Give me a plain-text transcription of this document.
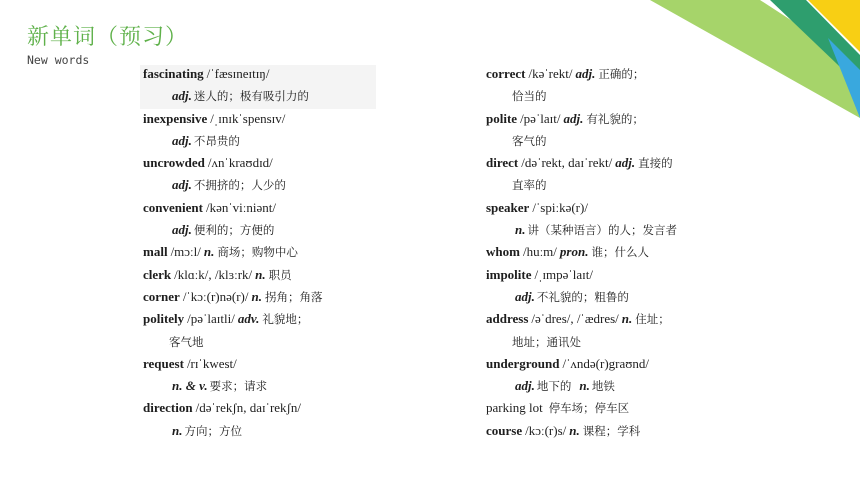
新单词（预习）
New words
fascinating /ˈfæsɪneɪtɪŋ/
adj. 迷人的；极有吸引力的
inexpensive /ˌɪnɪkˈspensɪv/
adj. 不昂贵的
uncrowded /ʌnˈkraʊdɪd/
adj. 不拥挤的；人少的
convenient /kənˈviːniənt/
adj. 便利的；方便的
mall /mɔːl/ n. 商场；购物中心
clerk /klɑːk/, /klɜːrk/ n. 职员
corner /ˈkɔː(r)nə(r)/ n. 拐角；角落
politely /pəˈlaɪtli/ adv. 礼貌地；
客气地
request /rɪˈkwest/
n. & v. 要求；请求
direction /dəˈrekʃn, daɪˈrekʃn/
n. 方向；方位
correct /kəˈrekt/ adj. 正确的；
恰当的
polite /pəˈlaɪt/ adj. 有礼貌的；
客气的
direct /dəˈrekt, daɪˈrekt/ adj. 直接的
直率的
speaker /ˈspiːkə(r)/
n. 讲（某种语言）的人；发言者
whom /huːm/ pron. 谁；什么人
impolite /ˌɪmpəˈlaɪt/
adj. 不礼貌的；粗鲁的
address /əˈdres/, /ˈædres/ n. 住址；
地址；通讯处
underground /ˈʌndə(r)graʊnd/
adj. 地下的 n. 地铁
parking lot 停车场；停车区
course /kɔː(r)s/ n. 课程；学科
